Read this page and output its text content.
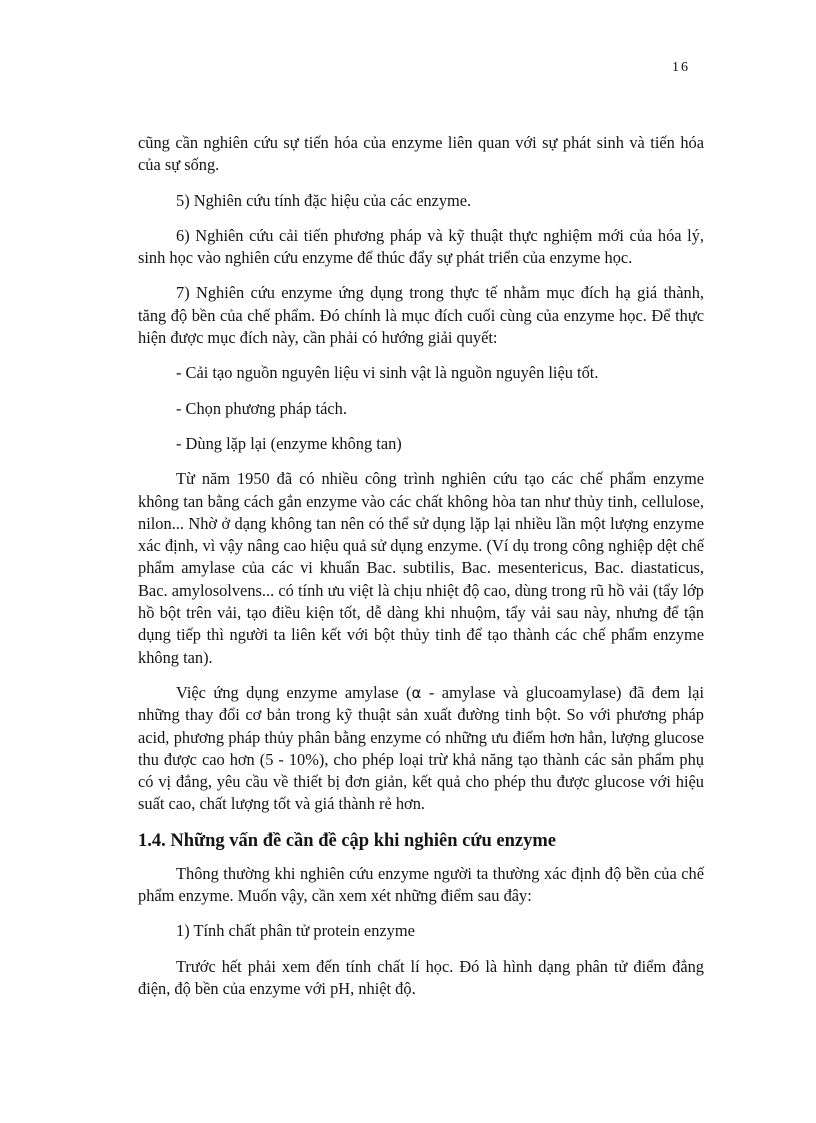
16

cũng cần nghiên cứu sự tiến hóa của enzyme liên quan với sự phát sinh và tiến hóa của sự sống.

5) Nghiên cứu tính đặc hiệu của các enzyme.

6) Nghiên cứu cải tiến phương pháp và kỹ thuật thực nghiệm mới của hóa lý, sinh học vào nghiên cứu enzyme để thúc đẩy sự phát triển của enzyme học.

7) Nghiên cứu enzyme ứng dụng trong thực tế nhằm mục đích hạ giá thành, tăng độ bền của chế phẩm. Đó chính là mục đích cuối cùng của enzyme học. Để thực hiện được mục đích này, cần phải có hướng giải quyết:

- Cải tạo nguồn nguyên liệu vi sinh vật là nguồn nguyên liệu tốt.

- Chọn phương pháp tách.

- Dùng lặp lại (enzyme không tan)

Từ năm 1950 đã có nhiều công trình nghiên cứu tạo các chế phẩm enzyme không tan bằng cách gắn enzyme vào các chất không hòa tan như thủy tinh, cellulose, nilon... Nhờ ở dạng không tan nên có thể sử dụng lặp lại nhiều lần một lượng enzyme xác định, vì vậy nâng cao hiệu quả sử dụng enzyme. (Ví dụ trong công nghiệp dệt chế phẩm amylase của các vi khuẩn Bac. subtilis, Bac. mesentericus, Bac. diastaticus, Bac. amylosolvens... có tính ưu việt là chịu nhiệt độ cao, dùng trong rũ hồ vải (tẩy lớp hồ bột trên vải, tạo điều kiện tốt, dễ dàng khi nhuộm, tẩy vải sau này, nhưng để tận dụng tiếp thì người ta liên kết với bột thủy tinh để tạo thành các chế phẩm enzyme không tan).

Việc ứng dụng enzyme amylase (α - amylase và glucoamylase) đã đem lại những thay đổi cơ bản trong kỹ thuật sản xuất đường tinh bột. So với phương pháp acid, phương pháp thủy phân bằng enzyme có những ưu điểm hơn hẳn, lượng glucose thu được cao hơn (5 - 10%), cho phép loại trừ khả năng tạo thành các sản phẩm phụ có vị đắng, yêu cầu về thiết bị đơn giản, kết quả cho phép thu được glucose với hiệu suất cao, chất lượng tốt và giá thành rẻ hơn.

1.4. Những vấn đề cần đề cập khi nghiên cứu enzyme

Thông thường khi nghiên cứu enzyme người ta thường xác định độ bền của chế phẩm enzyme. Muốn vậy, cần xem xét những điểm sau đây:

1) Tính chất phân tử protein enzyme

Trước hết phải xem đến tính chất lí học. Đó là hình dạng phân tử điểm đẳng điện, độ bền của enzyme với pH, nhiệt độ.
